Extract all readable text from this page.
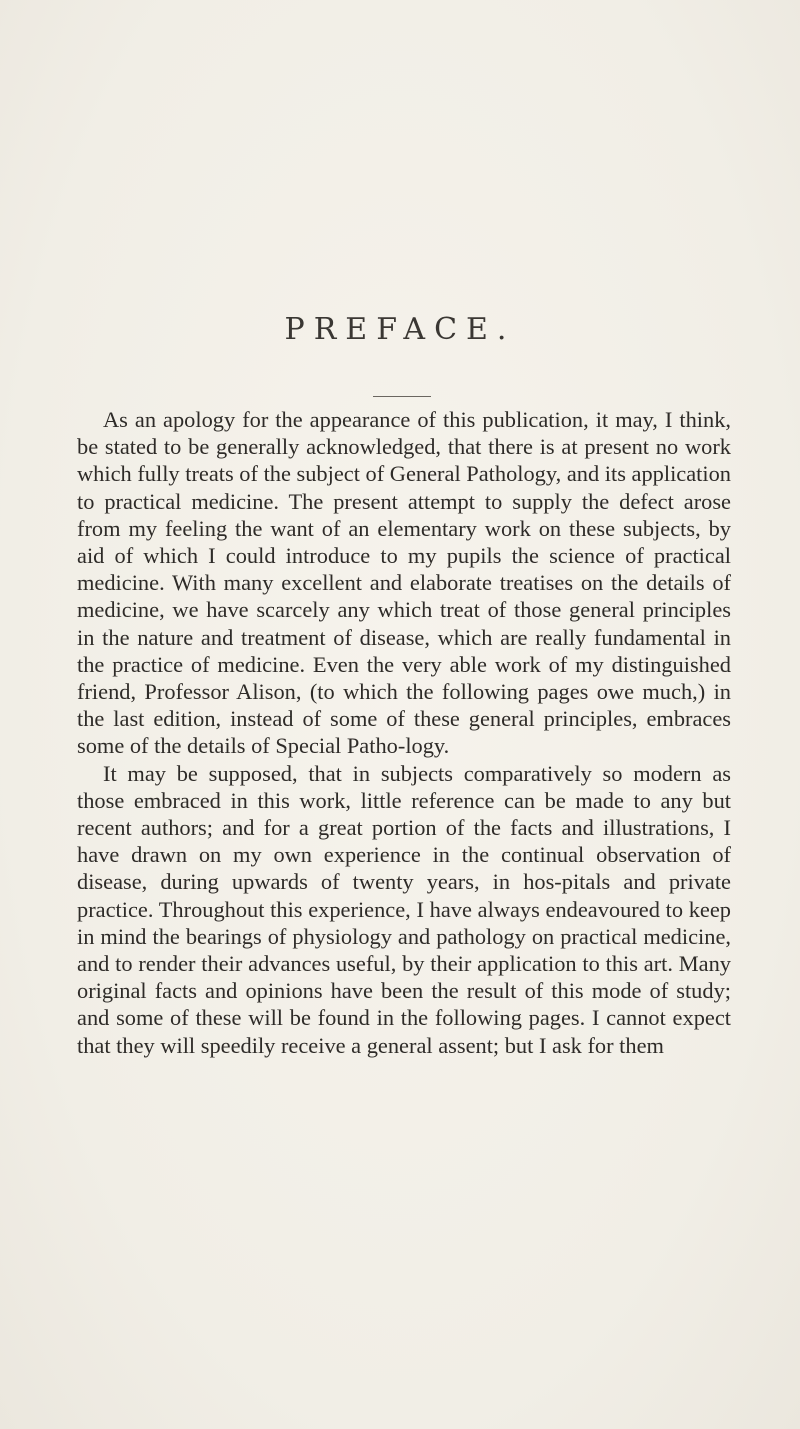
PREFACE.

As an apology for the appearance of this publication, it may, I think, be stated to be generally acknowledged, that there is at present no work which fully treats of the subject of General Pathology, and its application to practical medicine. The present attempt to supply the defect arose from my feeling the want of an elementary work on these subjects, by aid of which I could introduce to my pupils the science of practical medicine. With many excellent and elaborate treatises on the details of medicine, we have scarcely any which treat of those general principles in the nature and treatment of disease, which are really fundamental in the practice of medicine. Even the very able work of my distinguished friend, Professor Alison, (to which the following pages owe much,) in the last edition, instead of some of these general principles, embraces some of the details of Special Patho-logy.

It may be supposed, that in subjects comparatively so modern as those embraced in this work, little reference can be made to any but recent authors; and for a great portion of the facts and illustrations, I have drawn on my own experience in the continual observation of disease, during upwards of twenty years, in hos-pitals and private practice. Throughout this experience, I have always endeavoured to keep in mind the bearings of physiology and pathology on practical medicine, and to render their advances useful, by their application to this art. Many original facts and opinions have been the result of this mode of study; and some of these will be found in the following pages. I cannot expect that they will speedily receive a general assent; but I ask for them
